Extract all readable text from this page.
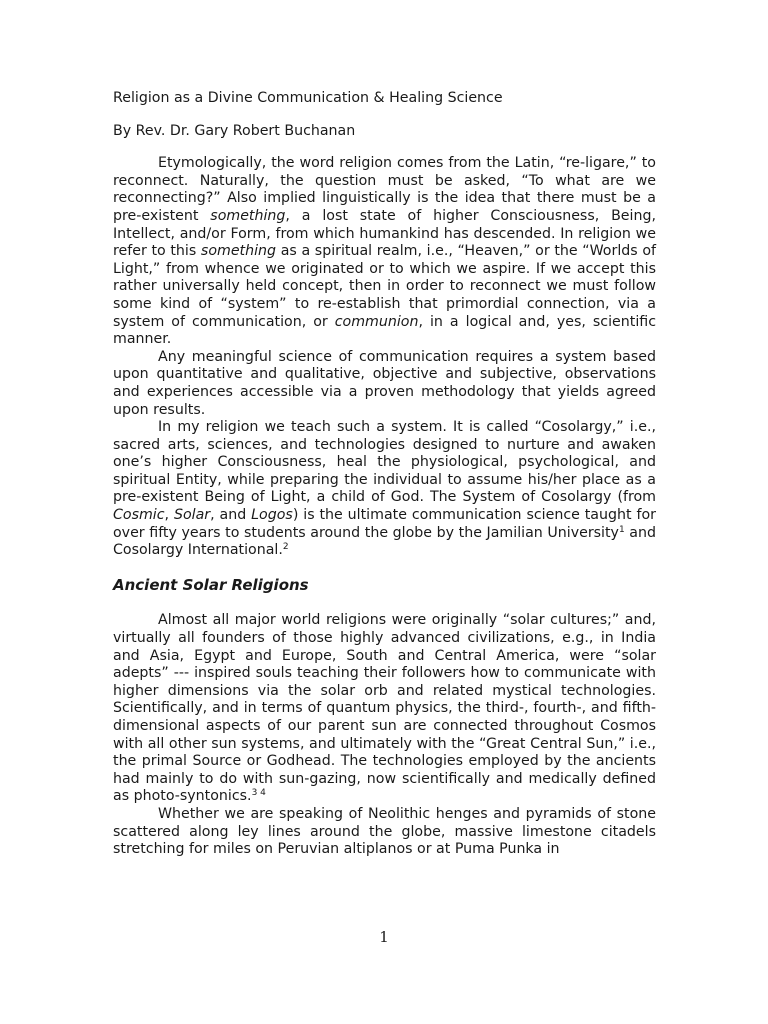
Religion as a Divine Communication & Healing Science
By Rev. Dr. Gary Robert Buchanan

Etymologically, the word religion comes from the Latin, “re-ligare,” to reconnect. Naturally, the question must be asked, “To what are we reconnecting?” Also implied linguistically is the idea that there must be a pre-existent something, a lost state of higher Consciousness, Being, Intellect, and/or Form, from which humankind has descended. In religion we refer to this something as a spiritual realm, i.e., “Heaven,” or the “Worlds of Light,” from whence we originated or to which we aspire. If we accept this rather universally held concept, then in order to reconnect we must follow some kind of “system” to re-establish that primordial connection, via a system of communication, or communion, in a logical and, yes, scientific manner.

Any meaningful science of communication requires a system based upon quantitative and qualitative, objective and subjective, observations and experiences accessible via a proven methodology that yields agreed upon results.

In my religion we teach such a system. It is called “Cosolargy,” i.e., sacred arts, sciences, and technologies designed to nurture and awaken one’s higher Consciousness, heal the physiological, psychological, and spiritual Entity, while preparing the individual to assume his/her place as a pre-existent Being of Light, a child of God. The System of Cosolargy (from Cosmic, Solar, and Logos) is the ultimate communication science taught for over fifty years to students around the globe by the Jamilian University$^1$ and Cosolargy International.$^2$

Ancient Solar Religions

Almost all major world religions were originally “solar cultures;” and, virtually all founders of those highly advanced civilizations, e.g., in India and Asia, Egypt and Europe, South and Central America, were “solar adepts” --- inspired souls teaching their followers how to communicate with higher dimensions via the solar orb and related mystical technologies. Scientifically, and in terms of quantum physics, the third-, fourth-, and fifth-dimensional aspects of our parent sun are connected throughout Cosmos with all other sun systems, and ultimately with the “Great Central Sun,” i.e., the primal Source or Godhead. The technologies employed by the ancients had mainly to do with sun-gazing, now scientifically and medically defined as photo-syntonics.$^{3 4}$

Whether we are speaking of Neolithic henges and pyramids of stone scattered along ley lines around the globe, massive limestone citadels stretching for miles on Peruvian altiplanos or at Puma Punka in

1
